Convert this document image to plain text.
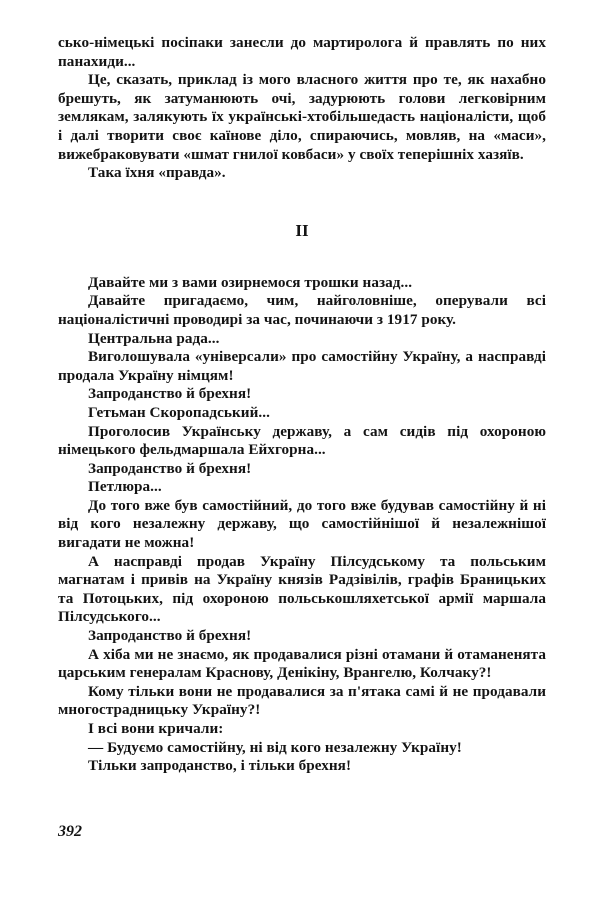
сько-німецькі посіпаки занесли до мартиролога й правлять по них панахиди...

Це, сказать, приклад із мого власного життя про те, як нахабно брешуть, як затуманюють очі, задурюють голови легковірним землякам, залякують їх українські-хтобільшедасть націоналісти, щоб і далі творити своє каїнове діло, спираючись, мовляв, на «маси», вижебраковувати «шмат гнилої ковбаси» у своїх теперішніх хазяїв.

Така їхня «правда».

II

Давайте ми з вами озирнемося трошки назад...

Давайте пригадаємо, чим, найголовніше, оперували всі націоналістичні проводирі за час, починаючи з 1917 року.

Центральна рада...

Виголошувала «універсали» про самостійну Україну, а насправді продала Україну німцям!

Запроданство й брехня!

Гетьман Скоропадський...

Проголосив Українську державу, а сам сидів під охороною німецького фельдмаршала Ейхгорна...

Запроданство й брехня!

Петлюра...

До того вже був самостійний, до того вже будував самостійну й ні від кого незалежну державу, що самостійнішої й незалежнішої вигадати не можна!

А насправді продав Україну Пілсудському та польським магнатам і привів на Україну князів Радзівілів, графів Браницьких та Потоцьких, під охороною польськошляхетської армії маршала Пілсудського...

Запроданство й брехня!

А хіба ми не знаємо, як продавалися різні отамани й отаманенята царським генералам Краснову, Денікіну, Врангелю, Колчаку?!

Кому тільки вони не продавалися за п'ятака самі й не продавали многострадницьку Україну?!

І всі вони кричали:

— Будуємо самостійну, ні від кого незалежну Україну!

Тільки запроданство, і тільки брехня!

392
